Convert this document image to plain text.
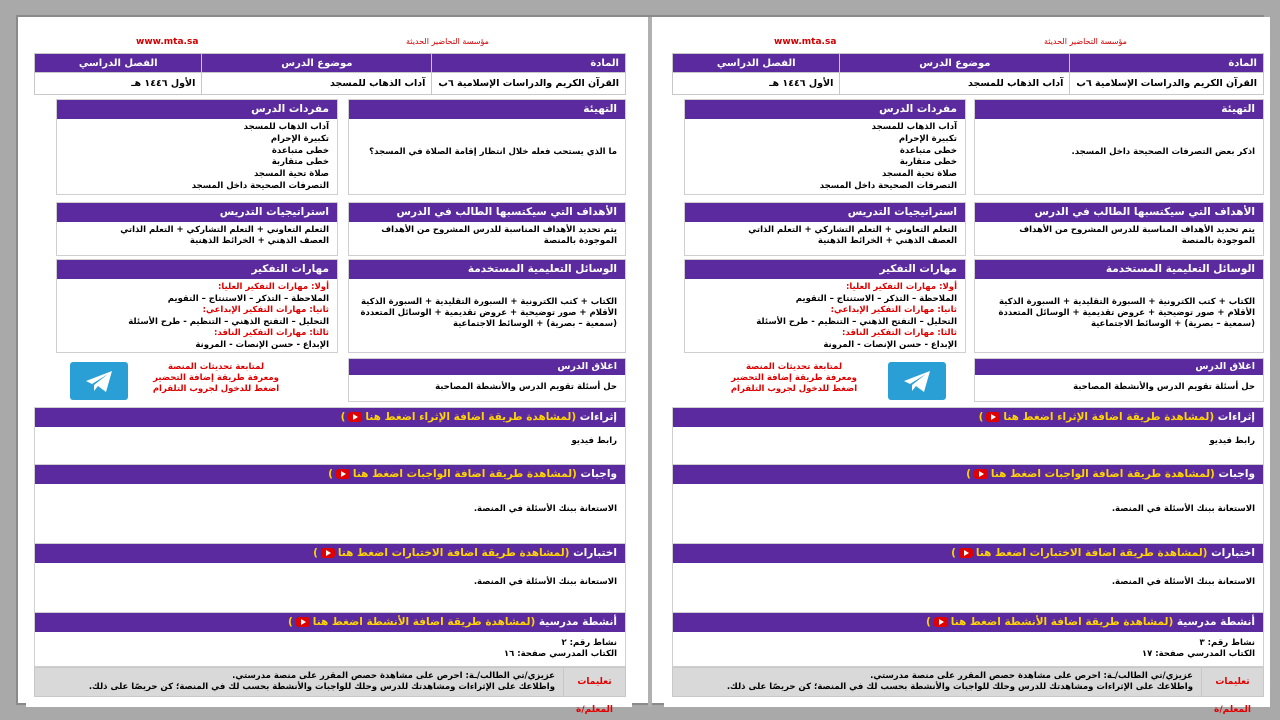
www.mta.sa	مؤسسة التحاضير الحديثة
المادة	موضوع الدرس	الفصل الدراسي
القرآن الكريم والدراسات الإسلامية ٦ب	آداب الذهاب للمسجد	الأول ١٤٤٦ هـ
التهيئة
ما الذي يستحب فعله خلال انتظار إقامة الصلاة في المسجد؟
مفردات الدرس
آداب الذهاب للمسجد
تكبيرة الإحرام
خطى متباعدة
خطى متقاربة
صلاة تحية المسجد
التصرفات الصحيحة داخل المسجد
الأهداف التي سيكتسبها الطالب في الدرس
يتم تحديد الأهداف المناسبة للدرس المشروح من الأهداف الموجودة بالمنصة
استراتيجيات التدريس
التعلم التعاوني + التعلم التشاركي + التعلم الذاتي
العصف الذهني + الخرائط الذهنية
الوسائل التعليمية المستخدمة
الكتاب + كتب الكترونية + السبورة التقليدية + السبورة الذكية
الأقلام + صور توضيحية + عروض تقديمية + الوسائل المتعددة
(سمعية – بصرية) + الوسائط الاجتماعية
مهارات التفكير
أولا: مهارات التفكير العليا:
الملاحظة – التذكر – الاستنتاج – التقويم
ثانيا: مهارات التفكير الإبداعي:
التحليل – التفتح الذهني – التنظيم - طرح الأسئلة
ثالثا: مهارات التفكير الناقد:
الإبداع - حسن الإنصات - المرونة
اغلاق الدرس
حل أسئلة تقويم الدرس والأنشطة المصاحبة
لمتابعة تحديثات المنصة
ومعرفة طريقة إضافة التحضير
اضغط للدخول لجروب التلقرام
إثراءات (لمشاهدة طريقة اضافة الإثراء اضغط هنا)
رابط فيديو
واجبات (لمشاهدة طريقة اضافة الواجبات اضغط هنا)
الاستعانة ببنك الأسئلة في المنصة.
اختبارات (لمشاهدة طريقة اضافة الاختبارات اضغط هنا)
الاستعانة ببنك الأسئلة في المنصة.
أنشطة مدرسية (لمشاهدة طريقة اضافة الأنشطة اضغط هنا)
نشاط رقم: ٢
الكتاب المدرسي صفحة: ١٦
تعليمات المعلم/ة
عزيزي/تي الطالب/ـة: احرص على مشاهدة حصص المقرر على منصة مدرستي.
واطلاعك على الإثراءات ومشاهدتك للدرس وحلك للواجبات والأنشطة بحسب لك في المنصة؛ كن حريصًا على ذلك.
www.mta.sa	مؤسسة التحاضير الحديثة
المادة	موضوع الدرس	الفصل الدراسي
القرآن الكريم والدراسات الإسلامية ٦ب	آداب الذهاب للمسجد	الأول ١٤٤٦ هـ
التهيئة
اذكر بعض التصرفات الصحيحة داخل المسجد.
مفردات الدرس
آداب الذهاب للمسجد
تكبيرة الإحرام
خطى متباعدة
خطى متقاربة
صلاة تحية المسجد
التصرفات الصحيحة داخل المسجد
الأهداف التي سيكتسبها الطالب في الدرس
يتم تحديد الأهداف المناسبة للدرس المشروح من الأهداف الموجودة بالمنصة
استراتيجيات التدريس
التعلم التعاوني + التعلم التشاركي + التعلم الذاتي
العصف الذهني + الخرائط الذهنية
الوسائل التعليمية المستخدمة
الكتاب + كتب الكترونية + السبورة التقليدية + السبورة الذكية
الأقلام + صور توضيحية + عروض تقديمية + الوسائل المتعددة
(سمعية – بصرية) + الوسائط الاجتماعية
مهارات التفكير
أولا: مهارات التفكير العليا:
الملاحظة – التذكر – الاستنتاج – التقويم
ثانيا: مهارات التفكير الإبداعي:
التحليل – التفتح الذهني – التنظيم - طرح الأسئلة
ثالثا: مهارات التفكير الناقد:
الإبداع - حسن الإنصات - المرونة
اغلاق الدرس
حل أسئلة تقويم الدرس والأنشطة المصاحبة
لمتابعة تحديثات المنصة
ومعرفة طريقة إضافة التحضير
اضغط للدخول لجروب التلقرام
إثراءات (لمشاهدة طريقة اضافة الإثراء اضغط هنا)
رابط فيديو
واجبات (لمشاهدة طريقة اضافة الواجبات اضغط هنا)
الاستعانة ببنك الأسئلة في المنصة.
اختبارات (لمشاهدة طريقة اضافة الاختبارات اضغط هنا)
الاستعانة ببنك الأسئلة في المنصة.
أنشطة مدرسية (لمشاهدة طريقة اضافة الأنشطة اضغط هنا)
نشاط رقم: ٣
الكتاب المدرسي صفحة: ١٧
تعليمات المعلم/ة
عزيزي/تي الطالب/ـة: احرص على مشاهدة حصص المقرر على منصة مدرستي.
واطلاعك على الإثراءات ومشاهدتك للدرس وحلك للواجبات والأنشطة بحسب لك في المنصة؛ كن حريصًا على ذلك.
